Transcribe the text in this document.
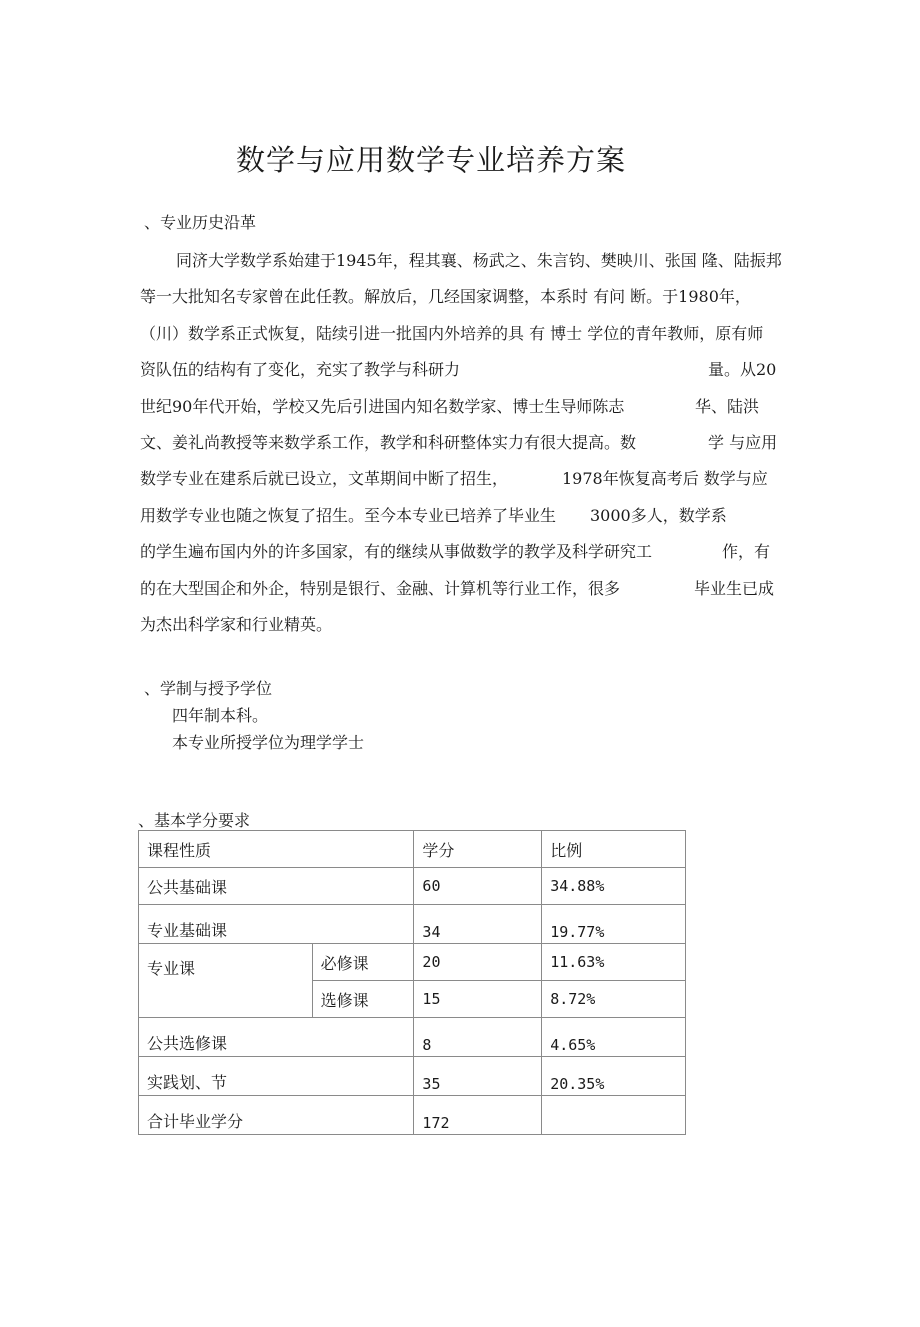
数学与应用数学专业培养方案
、专业历史沿革
同济大学数学系始建于1945年，程其襄、杨武之、朱言钧、樊映川、张国 隆、陆振邦
等一大批知名专家曾在此任教。解放后，几经国家调整，本系时 有问 断。于1980年，
（川）数学系正式恢复，陆续引进一批国内外培养的具 有 博士 学位的青年教师，原有师
资队伍的结构有了变化，充实了教学与科研力	量。从20
世纪90年代开始，学校又先后引进国内知名数学家、博士生导师陈志	华、陆洪
文、姜礼尚教授等来数学系工作，教学和科研整体实力有很大提高。数	学 与应用
数学专业在建系后就已设立，文革期间中断了招生，	1978年恢复高考后 数学与应
用数学专业也随之恢复了招生。至今本专业已培养了毕业生 3000多人，数学系
的学生遍布国内外的许多国家，有的继续从事做数学的教学及科学研究工	作，有
的在大型国企和外企，特别是银行、金融、计算机等行业工作，很多	毕业生已成
为杰出科学家和行业精英。
、学制与授予学位
四年制本科。
本专业所授学位为理学学士
、基本学分要求
课程性质		学分	比例
公共基础课		60	34.88%
专业基础课		34	19.77%
专业课	必修课	20	11.63%
	选修课	15	8.72%
公共选修课		8	4.65%
实践划、节		35	20.35%
合计毕业学分		172	
